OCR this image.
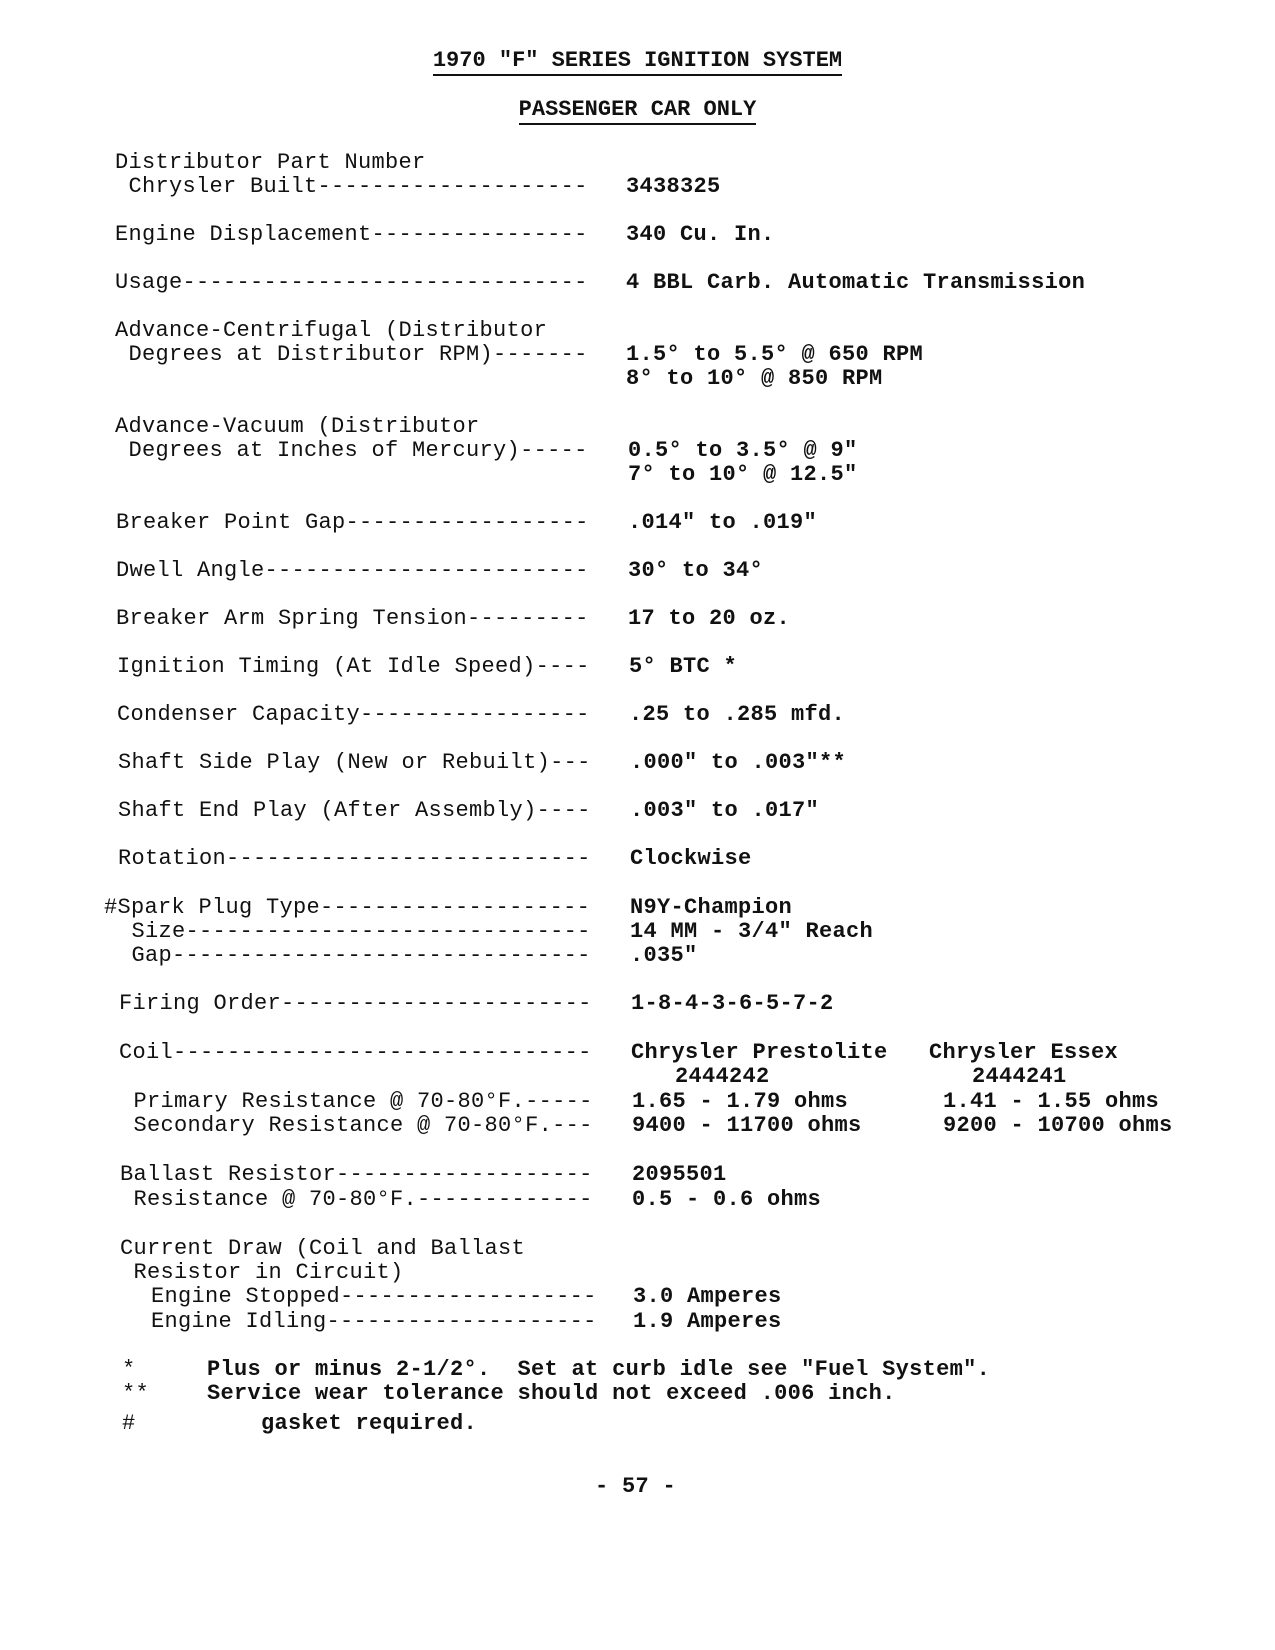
1970 "F" SERIES IGNITION SYSTEM
PASSENGER CAR ONLY
Distributor Part Number
Chrysler Built-------------------- 3438325
Engine Displacement---------------- 340 Cu. In.
Usage------------------------------ 4 BBL Carb. Automatic Transmission
Advance-Centrifugal (Distributor
Degrees at Distributor RPM)------- 1.5° to 5.5° @ 650 RPM
8° to 10° @ 850 RPM
Advance-Vacuum (Distributor
Degrees at Inches of Mercury)----- 0.5° to 3.5° @ 9"
7° to 10° @ 12.5"
Breaker Point Gap------------------ .014" to .019"
Dwell Angle------------------------ 30° to 34°
Breaker Arm Spring Tension--------- 17 to 20 oz.
Ignition Timing (At Idle Speed)---- 5° BTC *
Condenser Capacity----------------- .25 to .285 mfd.
Shaft Side Play (New or Rebuilt)--- .000" to .003"**
Shaft End Play (After Assembly)---- .003" to .017"
Rotation--------------------------- Clockwise
#Spark Plug Type-------------------- N9Y-Champion
Size------------------------------ 14 MM - 3/4" Reach
Gap------------------------------- .035"
Firing Order----------------------- 1-8-4-3-6-5-7-2
Coil------------------------------- Chrysler Prestolite Chrysler Essex
2444242	2444241
Primary Resistance @ 70-80°F.----- 1.65 - 1.79 ohms	1.41 - 1.55 ohms
Secondary Resistance @ 70-80°F.--- 9400 - 11700 ohms	9200 - 10700 ohms
Ballast Resistor------------------- 2095501
Resistance @ 70-80°F.------------- 0.5 - 0.6 ohms
Current Draw (Coil and Ballast
Resistor in Circuit)
Engine Stopped------------------- 3.0 Amperes
Engine Idling-------------------- 1.9 Amperes
*	Plus or minus 2-1/2°.  Set at curb idle see "Fuel System".
**	Service wear tolerance should not exceed .006 inch.
#	gasket required.
- 57 -
